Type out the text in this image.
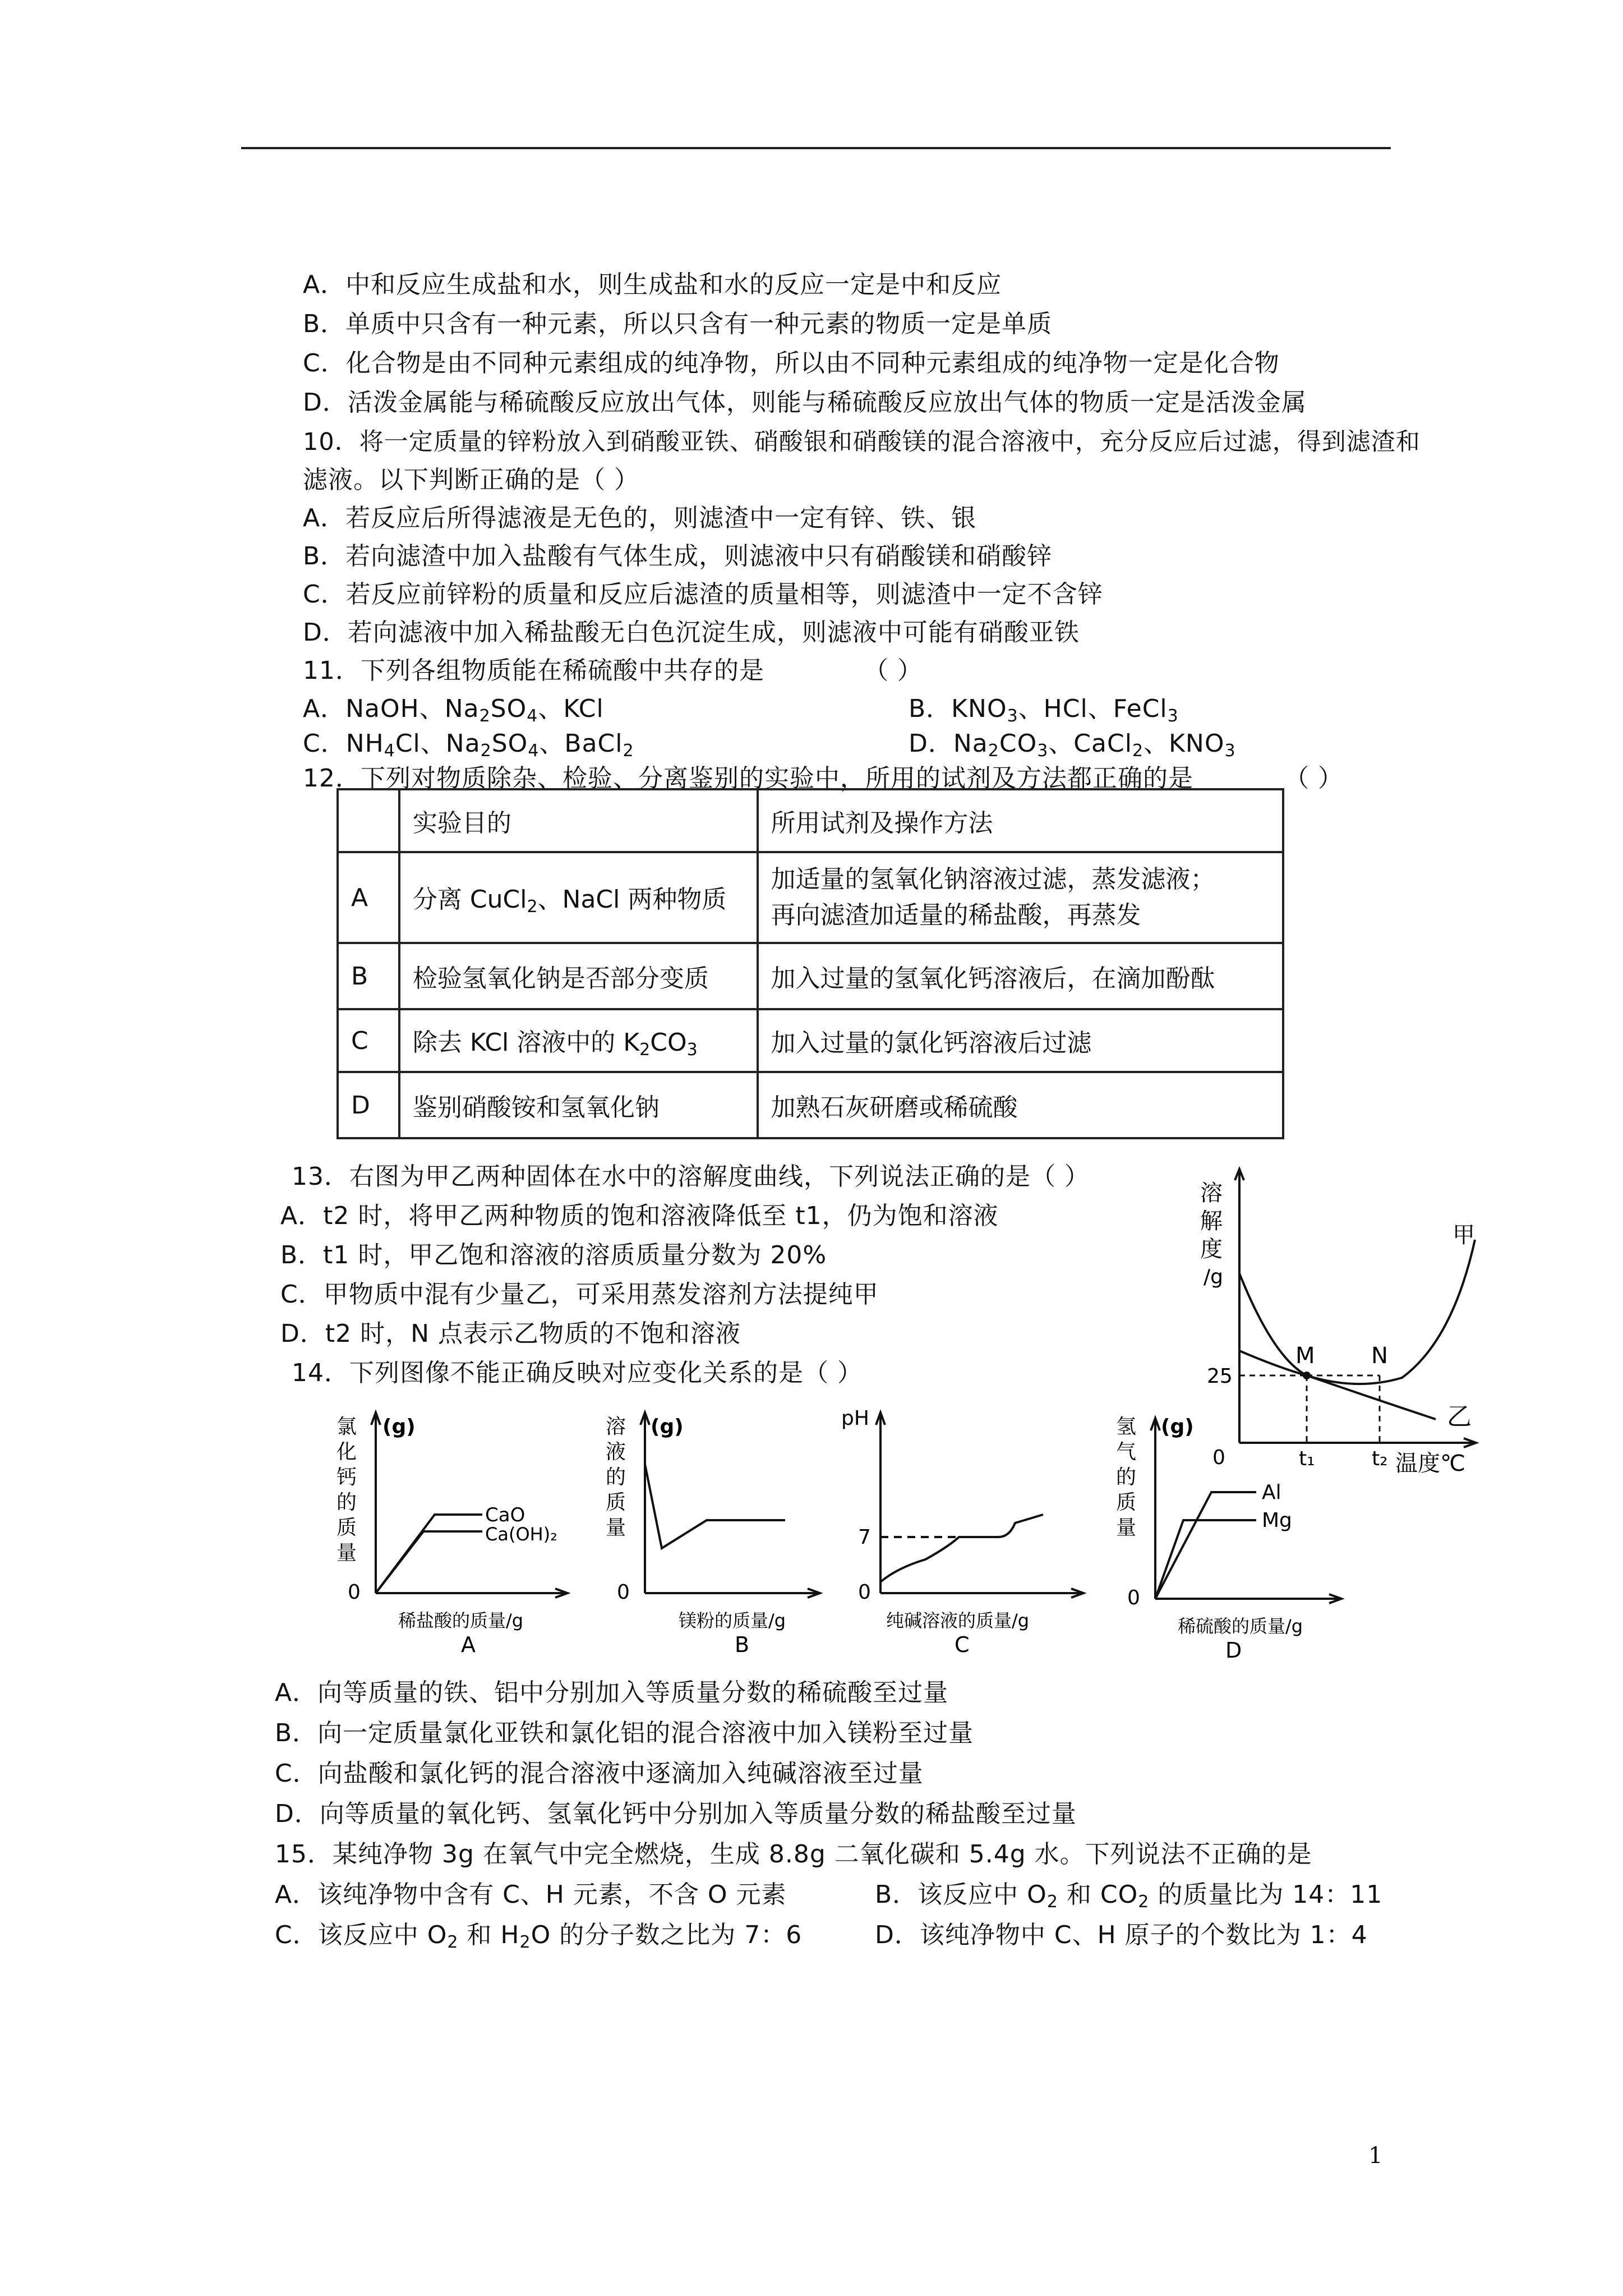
A．中和反应生成盐和水，则生成盐和水的反应一定是中和反应
B．单质中只含有一种元素，所以只含有一种元素的物质一定是单质
C．化合物是由不同种元素组成的纯净物，所以由不同种元素组成的纯净物一定是化合物
D．活泼金属能与稀硫酸反应放出气体，则能与稀硫酸反应放出气体的物质一定是活泼金属
10．将一定质量的锌粉放入到硝酸亚铁、硝酸银和硝酸镁的混合溶液中，充分反应后过滤，得到滤渣和
滤液。以下判断正确的是（ ）
A．若反应后所得滤液是无色的，则滤渣中一定有锌、铁、银
B．若向滤渣中加入盐酸有气体生成，则滤液中只有硝酸镁和硝酸锌
C．若反应前锌粉的质量和反应后滤渣的质量相等，则滤渣中一定不含锌
D．若向滤液中加入稀盐酸无白色沉淀生成，则滤液中可能有硝酸亚铁
11．下列各组物质能在稀硫酸中共存的是	（ ）
A．NaOH、$Na_2SO_4$、KCl	B．$KNO_3$、HCl、FeCl$_3$
C．$NH_4Cl$、$Na_2SO_4$、BaCl$_2$	D．$Na_2CO_3$、CaCl$_2$、$KNO_3$
12．下列对物质除杂、检验、分离鉴别的实验中，所用的试剂及方法都正确的是	（ ）
	实验目的	所用试剂及操作方法
A	分离 CuCl$_2$、NaCl 两种物质	加适量的氢氧化钠溶液过滤，蒸发滤液；
再向滤渣加适量的稀盐酸，再蒸发

B	检验氢氧化钠是否部分变质	加入过量的氢氧化钙溶液后，在滴加酚酞
C	除去 KCl 溶液中的 $K_2CO_3$	加入过量的氯化钙溶液后过滤
D	鉴别硝酸铵和氢氧化钠	加熟石灰研磨或稀硫酸
13．右图为甲乙两种固体在水中的溶解度曲线，下列说法正确的是（ ）
A．t2 时，将甲乙两种物质的饱和溶液降低至 t1，仍为饱和溶液
B．t1 时，甲乙饱和溶液的溶质质量分数为 20%
C．甲物质中混有少量乙，可采用蒸发溶剂方法提纯甲
D．t2 时，N 点表示乙物质的不饱和溶液
溶
解
度
/g
甲
乙
M	N
25
0	t₁	t₂ 温度℃
14．下列图像不能正确反映对应变化关系的是（ ）
氯
化
钙
的
质
量
(g)
0
CaO
Ca(OH)₂
稀盐酸的质量/g
A
溶
液
的
质
量
(g)
0
镁粉的质量/g
B
pH
7
0
纯碱溶液的质量/g
C
氢
气
的
质
量
(g)
0
Al
Mg
稀硫酸的质量/g
D
A．向等质量的铁、铝中分别加入等质量分数的稀硫酸至过量
B．向一定质量氯化亚铁和氯化铝的混合溶液中加入镁粉至过量
C．向盐酸和氯化钙的混合溶液中逐滴加入纯碱溶液至过量
D．向等质量的氧化钙、氢氧化钙中分别加入等质量分数的稀盐酸至过量
15．某纯净物 3g 在氧气中完全燃烧，生成 8.8g 二氧化碳和 5.4g 水。下列说法不正确的是
A．该纯净物中含有 C、H 元素，不含 O 元素	B．该反应中 $O_2$ 和 $CO_2$ 的质量比为 14：11
C．该反应中 $O_2$ 和 $H_2O$ 的分子数之比为 7：6	D．该纯净物中 C、H 原子的个数比为 1：4
1
